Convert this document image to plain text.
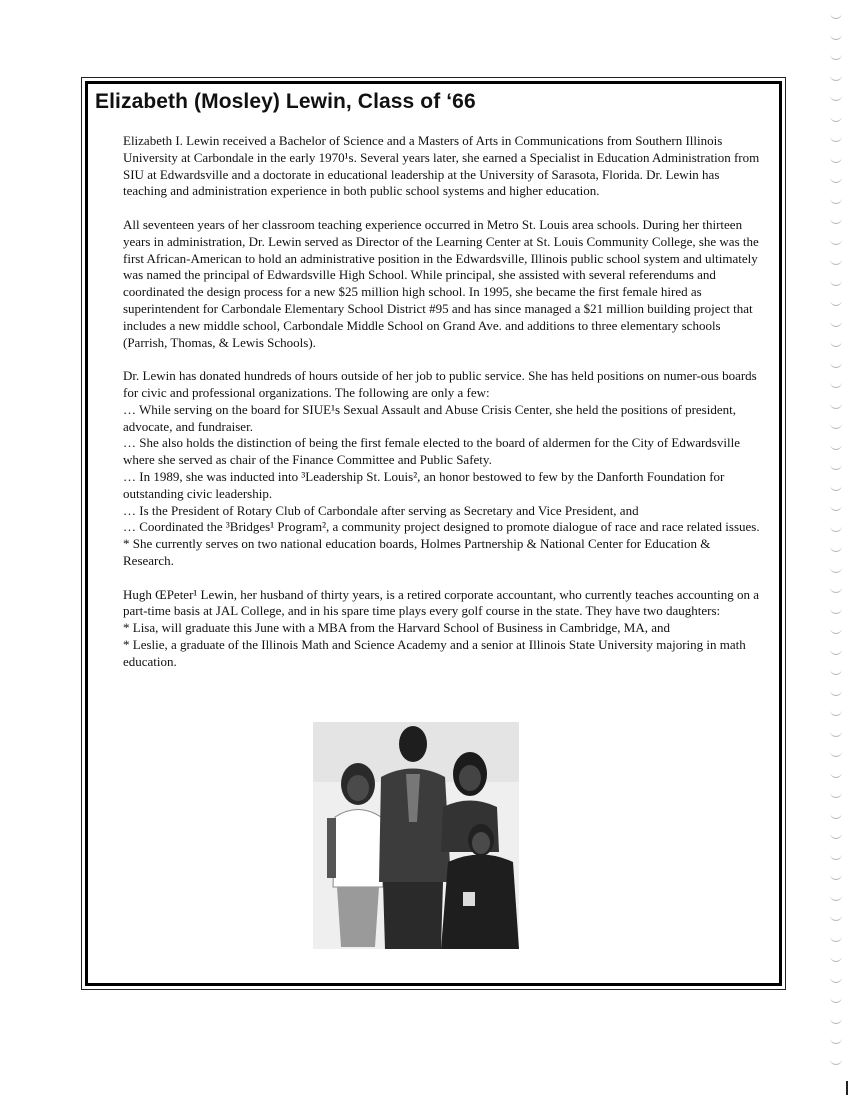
Elizabeth (Mosley) Lewin, Class of ‘66

Elizabeth I. Lewin received a Bachelor of Science and a Masters of Arts in Communications from Southern Illinois University at Carbondale in the early 1970¹s. Several years later, she earned a Specialist in Education Administration from SIU at Edwardsville and a doctorate in educational leadership at the University of Sarasota, Florida. Dr. Lewin has teaching and administration experience in both public school systems and higher education.

All seventeen years of her classroom teaching experience occurred in Metro St. Louis area schools. During her thirteen years in administration, Dr. Lewin served as Director of the Learning Center at St. Louis Community College, she was the first African-American to hold an administrative position in the Edwardsville, Illinois public school system and ultimately was named the principal of Edwardsville High School. While principal, she assisted with several referendums and coordinated the design process for a new $25 million high school. In 1995, she became the first female hired as superintendent for Carbondale Elementary School District #95 and has since managed a $21 million building project that includes a new middle school, Carbondale Middle School on Grand Ave. and additions to three elementary schools (Parrish, Thomas, & Lewis Schools).

Dr. Lewin has donated hundreds of hours outside of her job to public service. She has held positions on numer-ous boards for civic and professional organizations. The following are only a few:
… While serving on the board for SIUE¹s Sexual Assault and Abuse Crisis Center, she held the positions of president, advocate, and fundraiser.
… She also holds the distinction of being the first female elected to the board of aldermen for the City of Edwardsville where she served as chair of the Finance Committee and Public Safety.
… In 1989, she was inducted into ³Leadership St. Louis², an honor bestowed to few by the Danforth Foundation for outstanding civic leadership.
… Is the President of Rotary Club of Carbondale after serving as Secretary and Vice President, and
… Coordinated the ³Bridges¹ Program², a community project designed to promote dialogue of race and race related issues.
* She currently serves on two national education boards, Holmes Partnership & National Center for Education & Research.
Hugh ŒPeter¹ Lewin, her husband of thirty years, is a retired corporate accountant, who currently teaches accounting on a part-time basis at JAL College, and in his spare time plays every golf course in the state. They have two daughters:
* Lisa, will graduate this June with a MBA from the Harvard School of Business in Cambridge, MA, and
* Leslie, a graduate of the Illinois Math and Science Academy and a senior at Illinois State University majoring in math education.
